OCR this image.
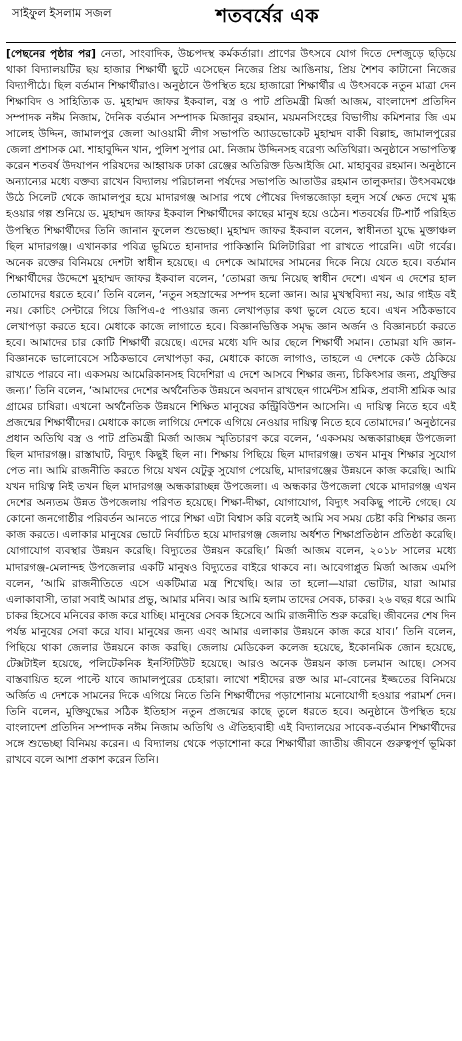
সাইফুল ইসলাম সজল	শতবর্ষের এক

[পেছনের পৃষ্ঠার পর] নেতা, সাংবাদিক, উচ্চপদস্থ কর্মকর্তারা। প্রাণের উৎসবে যোগ দিতে দেশজুড়ে ছড়িয়ে থাকা বিদ্যালয়টির ছয় হাজার শিক্ষার্থী ছুটে এসেছেন নিজের প্রিয় আঙিনায়, প্রিয় শৈশব কাটানো নিজের বিদ্যাপীঠে। ছিল বর্তমান শিক্ষার্থীরাও। অনুষ্ঠানে উপস্থিত হয়ে হাজারো শিক্ষার্থীর এ উৎসবকে নতুন মাত্রা দেন শিক্ষাবিদ ও সাহিত্যিক ড. মুহাম্মদ জাফর ইকবাল, বস্ত্র ও পাট প্রতিমন্ত্রী মির্জা আজম, বাংলাদেশ প্রতিদিন সম্পাদক নঈম নিজাম, দৈনিক বর্তমান সম্পাদক মিজানুর রহমান, ময়মনসিংহের বিভাগীয় কমিশনার জি এম সালেহ উদ্দিন, জামালপুর জেলা আওয়ামী লীগ সভাপতি অ্যাডভোকেট মুহাম্মদ বাকী বিল্লাহ, জামালপুরের জেলা প্রশাসক মো. শাহাবুদ্দিন খান, পুলিশ সুপার মো. নিজাম উদ্দিনসহ বরেণ্য অতিথিরা। অনুষ্ঠানে সভাপতিত্ব করেন শতবর্ষ উদযাপন পরিষদের আহ্বায়ক ঢাকা রেঞ্জের অতিরিক্ত ডিআইজি মো. মাহাবুবর রহমান। অনুষ্ঠানে অন্যান্যের মধ্যে বক্তব্য রাখেন বিদ্যালয় পরিচালনা পর্ষদের সভাপতি আতাউর রহমান তালুকদার। উৎসবমঞ্চে উঠে সিলেট থেকে জামালপুর হয়ে মাদারগঞ্জ আসার পথে পৌষের দিগন্তজোড়া হলুদ সর্ষে ক্ষেত দেখে মুগ্ধ হওয়ার গল্প শুনিয়ে ড. মুহাম্মদ জাফর ইকবাল শিক্ষার্থীদের কাছের মানুষ হয়ে ওঠেন। শতবর্ষের টি-শার্ট পরিহিত উপস্থিত শিক্ষার্থীদের তিনি জানান ফুলেল শুভেচ্ছা। মুহাম্মদ জাফর ইকবাল বলেন, স্বাধীনতা যুদ্ধে মুক্তাঞ্চল ছিল মাদারগঞ্জ। এখানকার পবিত্র ভূমিতে হানাদার পাকিস্তানি মিলিটারিরা পা রাখতে পারেনি। এটা গর্বের। অনেক রক্তের বিনিময়ে দেশটা স্বাধীন হয়েছে। এ দেশকে আমাদের সামনের দিকে নিয়ে যেতে হবে। বর্তমান শিক্ষার্থীদের উদ্দেশে মুহাম্মদ জাফর ইকবাল বলেন, ‘তোমরা জন্ম নিয়েছ স্বাধীন দেশে। এখন এ দেশের হাল তোমাদের ধরতে হবে।’ তিনি বলেন, ‘নতুন সহস্রাব্দের সম্পদ হলো জ্ঞান। আর মুখস্থবিদ্যা নয়, আর গাইড বই নয়। কোচিং সেন্টারে গিয়ে জিপিএ-৫ পাওয়ার জন্য লেখাপড়ার কথা ভুলে যেতে হবে। এখন সঠিকভাবে লেখাপড়া করতে হবে। মেধাকে কাজে লাগাতে হবে। বিজ্ঞানভিত্তিক সমৃদ্ধ জ্ঞান অর্জন ও বিজ্ঞানচর্চা করতে হবে। আমাদের চার কোটি শিক্ষার্থী রয়েছে। এদের মধ্যে যদি আর ছেলে শিক্ষার্থী সমান। তোমরা যদি জ্ঞান-বিজ্ঞানকে ভালোবেসে সঠিকভাবে লেখাপড়া কর, মেধাকে কাজে লাগাও, তাহলে এ দেশকে কেউ ঠেকিয়ে রাখতে পারবে না। একসময় আমেরিকানসহ বিদেশিরা এ দেশে আসবে শিক্ষার জন্য, চিকিৎসার জন্য, প্রযুক্তির জন্য।’ তিনি বলেন, ‘আমাদের দেশের অর্থনৈতিক উন্নয়নে অবদান রাখছেন গার্মেন্টস শ্রমিক, প্রবাসী শ্রমিক আর গ্রামের চাষিরা। এখনো অর্থনৈতিক উন্নয়নে শিক্ষিত মানুষের কন্ট্রিবিউশন আসেনি। এ দায়িত্ব নিতে হবে এই প্রজন্মের শিক্ষার্থীদের। মেধাকে কাজে লাগিয়ে দেশকে এগিয়ে নেওয়ার দায়িত্ব নিতে হবে তোমাদের।’ অনুষ্ঠানের প্রধান অতিথি বস্ত্র ও পাট প্রতিমন্ত্রী মির্জা আজম স্মৃতিচারণ করে বলেন, ‘একসময় অন্ধকারাচ্ছন্ন উপজেলা ছিল মাদারগঞ্জ। রাস্তাঘাট, বিদ্যুৎ কিছুই ছিল না। শিক্ষায় পিছিয়ে ছিল মাদারগঞ্জ। তখন মানুষ শিক্ষার সুযোগ পেত না। আমি রাজনীতি করতে গিয়ে যখন যেটুকু সুযোগ পেয়েছি, মাদারগঞ্জের উন্নয়নে কাজ করেছি। আমি যখন দায়িত্ব নিই তখন ছিল মাদারগঞ্জ অন্ধকারাচ্ছন্ন উপজেলা। এ অন্ধকার উপজেলা থেকে মাদারগঞ্জ এখন দেশের অন্যতম উন্নত উপজেলায় পরিণত হয়েছে। শিক্ষা-দীক্ষা, যোগাযোগ, বিদ্যুৎ সবকিছু পাল্টে গেছে। যে কোনো জনগোষ্ঠীর পরিবর্তন আনতে পারে শিক্ষা এটা বিশ্বাস করি বলেই আমি সব সময় চেষ্টা করি শিক্ষার জন্য কাজ করতে। এলাকার মানুষের ভোটে নির্বাচিত হয়ে মাদারগঞ্জ জেলায় অর্ধশত শিক্ষাপ্রতিষ্ঠান প্রতিষ্ঠা করেছি। যোগাযোগ ব্যবস্থার উন্নয়ন করেছি। বিদ্যুতের উন্নয়ন করেছি।’ মির্জা আজম বলেন, ২০১৮ সালের মধ্যে মাদারগঞ্জ-মেলান্দহ উপজেলার একটি মানুষও বিদ্যুতের বাইরে থাকবে না। আবেগাপ্লুত মির্জা আজম এমপি বলেন, ‘আমি রাজনীতিতে এসে একটিমাত্র মন্ত্র শিখেছি। আর তা হলো—যারা ভোটার, যারা আমার এলাকাবাসী, তারা সবাই আমার প্রভু, আমার মনিব। আর আমি হলাম তাদের সেবক, চাকর। ২৬ বছর ধরে আমি চাকর হিসেবে মনিবের কাজ করে যাচ্ছি। মানুষের সেবক হিসেবে আমি রাজনীতি শুরু করেছি। জীবনের শেষ দিন পর্যন্ত মানুষের সেবা করে যাব। মানুষের জন্য এবং আমার এলাকার উন্নয়নে কাজ করে যাব।’ তিনি বলেন, পিছিয়ে থাকা জেলার উন্নয়নে কাজ করছি। জেলায় মেডিকেল কলেজ হয়েছে, ইকোনমিক জোন হয়েছে, টেক্সটাইল হয়েছে, পলিটেকনিক ইনস্টিটিউট হয়েছে। আরও অনেক উন্নয়ন কাজ চলমান আছে। সেসব বাস্তবায়িত হলে পাল্টে যাবে জামালপুরের চেহারা। লাখো শহীদের রক্ত আর মা-বোনের ইজ্জতের বিনিময়ে অর্জিত এ দেশকে সামনের দিকে এগিয়ে নিতে তিনি শিক্ষার্থীদের পড়াশোনায় মনোযোগী হওয়ার পরামর্শ দেন। তিনি বলেন, মুক্তিযুদ্ধের সঠিক ইতিহাস নতুন প্রজন্মের কাছে তুলে ধরতে হবে। অনুষ্ঠানে উপস্থিত হয়ে বাংলাদেশ প্রতিদিন সম্পাদক নঈম নিজাম অতিথি ও ঐতিহ্যবাহী এই বিদ্যালয়ের সাবেক-বর্তমান শিক্ষার্থীদের সঙ্গে শুভেচ্ছা বিনিময় করেন। এ বিদ্যালয় থেকে পড়াশোনা করে শিক্ষার্থীরা জাতীয় জীবনে গুরুত্বপূর্ণ ভূমিকা রাখবে বলে আশা প্রকাশ করেন তিনি।
